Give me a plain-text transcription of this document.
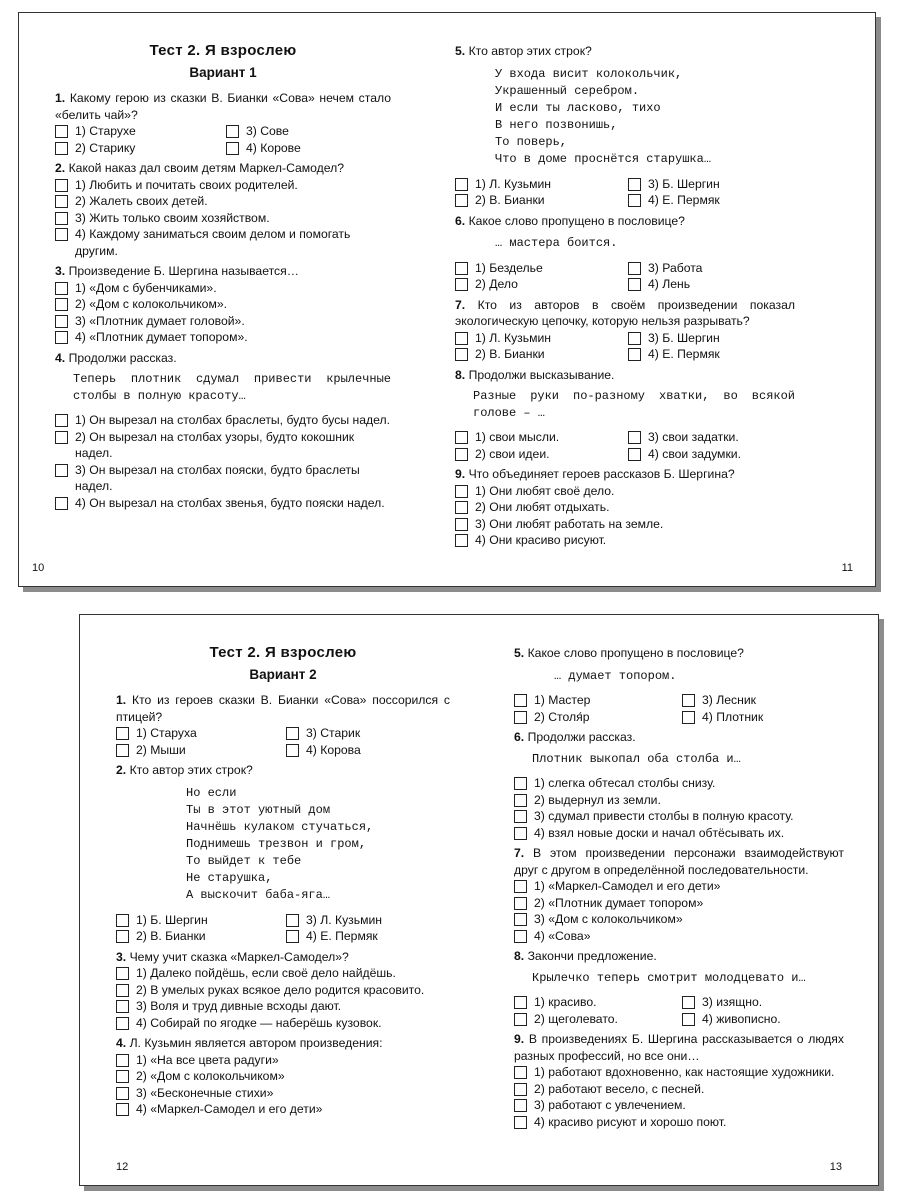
Тест 2. Я взрослею
Вариант 1
1. Какому герою из сказки В. Бианки «Сова» нечем стало «белить чай»?
1) Старухе	3) Сове
2) Старику	4) Корове
2. Какой наказ дал своим детям Маркел-Самодел?
1) Любить и почитать своих родителей.
2) Жалеть своих детей.
3) Жить только своим хозяйством.
4) Каждому заниматься своим делом и помогать другим.
3. Произведение Б. Шергина называется…
1) «Дом с бубенчиками».
2) «Дом с колокольчиком».
3) «Плотник думает головой».
4) «Плотник думает топором».
4. Продолжи рассказ.
Теперь плотник сдумал привести крылечные столбы в полную красоту…
1) Он вырезал на столбах браслеты, будто бусы надел.
2) Он вырезал на столбах узоры, будто кокошник надел.
3) Он вырезал на столбах пояски, будто браслеты надел.
4) Он вырезал на столбах звенья, будто пояски надел.
5. Кто автор этих строк?
У входа висит колокольчик,
Украшенный серебром.
И если ты ласково, тихо
В него позвонишь,
То поверь,
Что в доме проснётся старушка…
1) Л. Кузьмин	3) Б. Шергин
2) В. Бианки	4) Е. Пермяк
6. Какое слово пропущено в пословице?
… мастера боится.
1) Безделье	3) Работа
2) Дело	4) Лень
7. Кто из авторов в своём произведении показал экологическую цепочку, которую нельзя разрывать?
1) Л. Кузьмин	3) Б. Шергин
2) В. Бианки	4) Е. Пермяк
8. Продолжи высказывание.
Разные руки по-разному хватки, во всякой голове – …
1) свои мысли.	3) свои задатки.
2) свои идеи.	4) свои задумки.
9. Что объединяет героев рассказов Б. Шергина?
1) Они любят своё дело.
2) Они любят отдыхать.
3) Они любят работать на земле.
4) Они красиво рисуют.
10	11
Тест 2. Я взрослею
Вариант 2
1. Кто из героев сказки В. Бианки «Сова» поссорился с птицей?
1) Старуха	3) Старик
2) Мыши	4) Корова
2. Кто автор этих строк?
Но если
Ты в этот уютный дом
Начнёшь кулаком стучаться,
Поднимешь трезвон и гром,
То выйдет к тебе
Не старушка,
А выскочит баба-яга…
1) Б. Шергин	3) Л. Кузьмин
2) В. Бианки	4) Е. Пермяк
3. Чему учит сказка «Маркел-Самодел»?
1) Далеко пойдёшь, если своё дело найдёшь.
2) В умелых руках всякое дело родится красовито.
3) Воля и труд дивные всходы дают.
4) Собирай по ягодке — наберёшь кузовок.
4. Л. Кузьмин является автором произведения:
1) «На все цвета радуги»
2) «Дом с колокольчиком»
3) «Бесконечные стихи»
4) «Маркел-Самодел и его дети»
5. Какое слово пропущено в пословице?
… думает топором.
1) Мастер	3) Лесник
2) Столя́р	4) Плотник
6. Продолжи рассказ.
Плотник выкопал оба столба и…
1) слегка обтесал столбы снизу.
2) выдернул из земли.
3) сдумал привести столбы в полную красоту.
4) взял новые доски и начал обтёсывать их.
7. В этом произведении персонажи взаимодействуют друг с другом в определённой последовательности.
1) «Маркел-Самодел и его дети»
2) «Плотник думает топором»
3) «Дом с колокольчиком»
4) «Сова»
8. Закончи предложение.
Крылечко теперь смотрит молодцевато и…
1) красиво.	3) изящно.
2) щеголевато.	4) живописно.
9. В произведениях Б. Шергина рассказывается о людях разных профессий, но все они…
1) работают вдохновенно, как настоящие художники.
2) работают весело, с песней.
3) работают с увлечением.
4) красиво рисуют и хорошо поют.
12	13
